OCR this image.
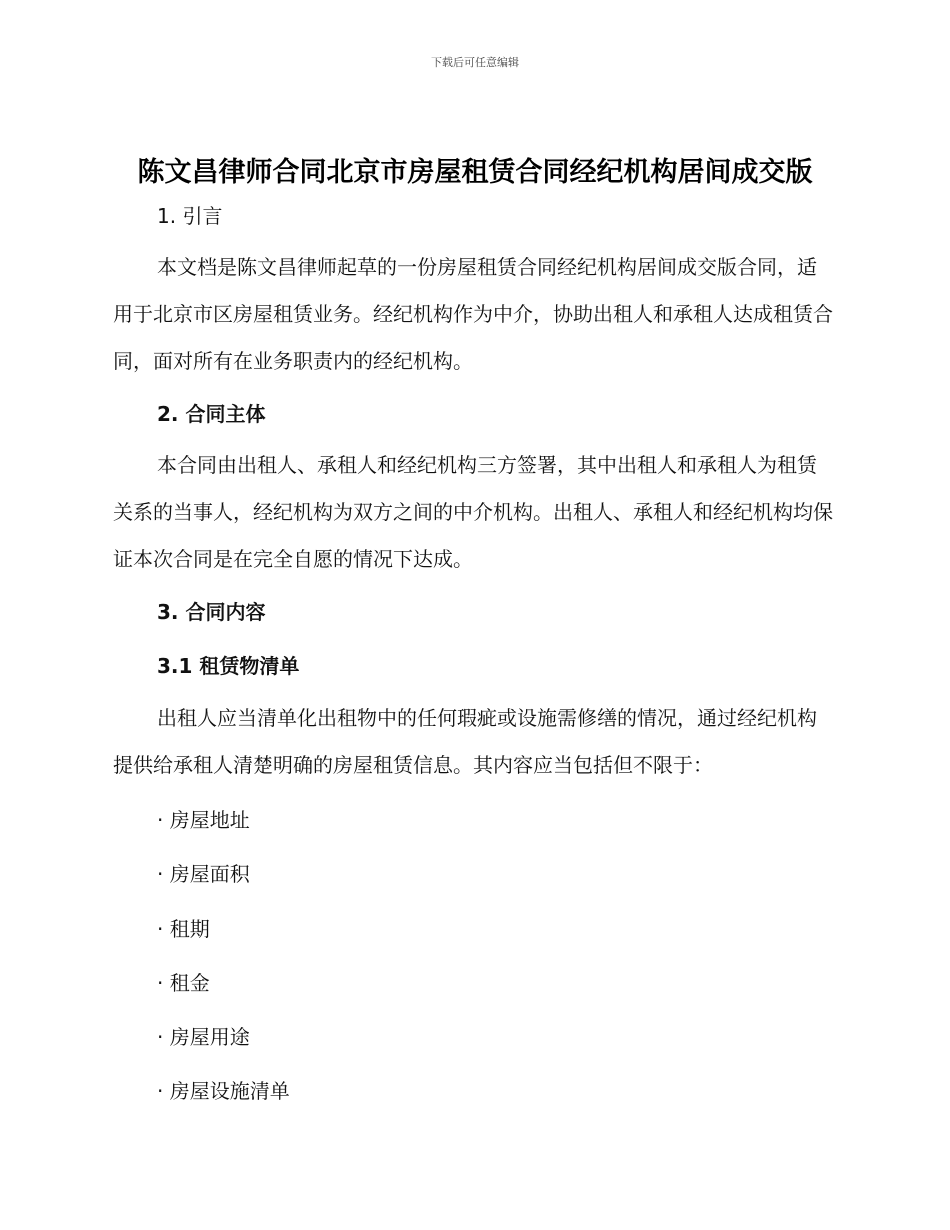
下载后可任意编辑
陈文昌律师合同北京市房屋租赁合同经纪机构居间成交版
1. 引言
本文档是陈文昌律师起草的一份房屋租赁合同经纪机构居间成交版合同，适用于北京市区房屋租赁业务。经纪机构作为中介，协助出租人和承租人达成租赁合同，面对所有在业务职责内的经纪机构。
2. 合同主体
本合同由出租人、承租人和经纪机构三方签署，其中出租人和承租人为租赁关系的当事人，经纪机构为双方之间的中介机构。出租人、承租人和经纪机构均保证本次合同是在完全自愿的情况下达成。
3. 合同内容
3.1 租赁物清单
出租人应当清单化出租物中的任何瑕疵或设施需修缮的情况，通过经纪机构提供给承租人清楚明确的房屋租赁信息。其内容应当包括但不限于：
· 房屋地址
· 房屋面积
· 租期
· 租金
· 房屋用途
· 房屋设施清单
